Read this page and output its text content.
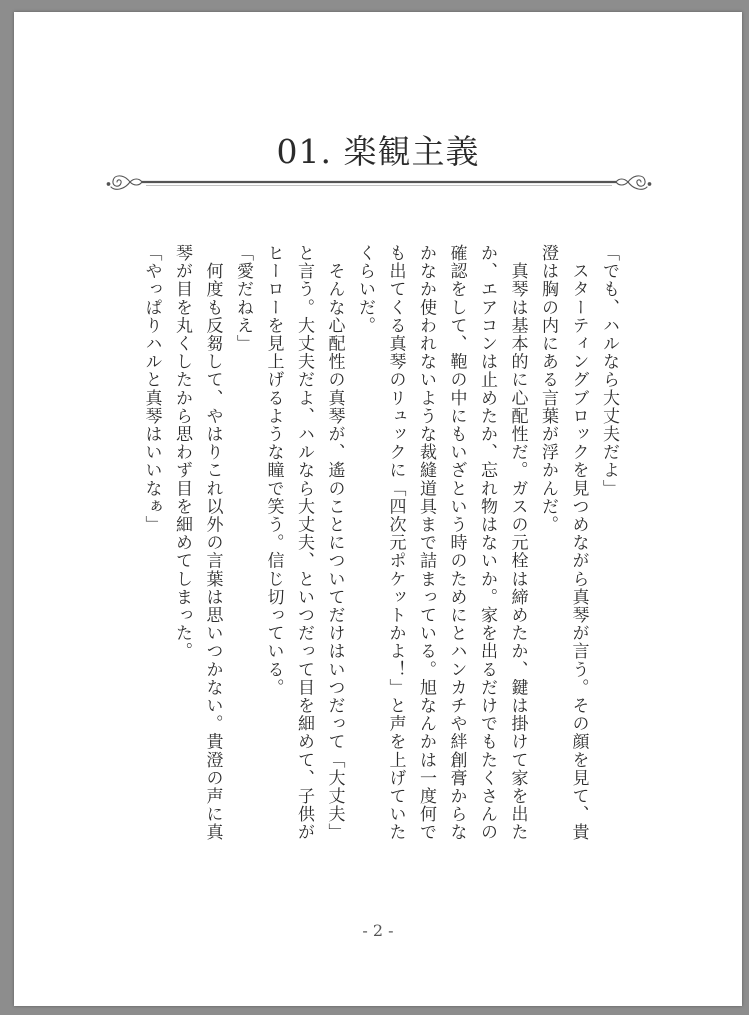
01. 楽観主義

「でも、ハルなら大丈夫だよ」

　スターティングブロックを見つめながら真琴が言う。その顔を見て、貴澄は胸の内にある言葉が浮かんだ。

　真琴は基本的に心配性だ。ガスの元栓は締めたか、鍵は掛けて家を出たか、エアコンは止めたか、忘れ物はないか。家を出るだけでもたくさんの確認をして、鞄の中にもいざという時のためにとハンカチや絆創膏からなかなか使われないような裁縫道具まで詰まっている。旭なんかは一度何でも出てくる真琴のリュックに「四次元ポケットかよ！」と声を上げていたくらいだ。

　そんな心配性の真琴が、遙のことについてだけはいつだって「大丈夫」と言う。大丈夫だよ、ハルなら大丈夫、といつだって目を細めて、子供がヒーローを見上げるような瞳で笑う。信じ切っている。

「愛だねえ」

　何度も反芻して、やはりこれ以外の言葉は思いつかない。貴澄の声に真琴が目を丸くしたから思わず目を細めてしまった。

「やっぱりハルと真琴はいいなぁ」

- 2 -
